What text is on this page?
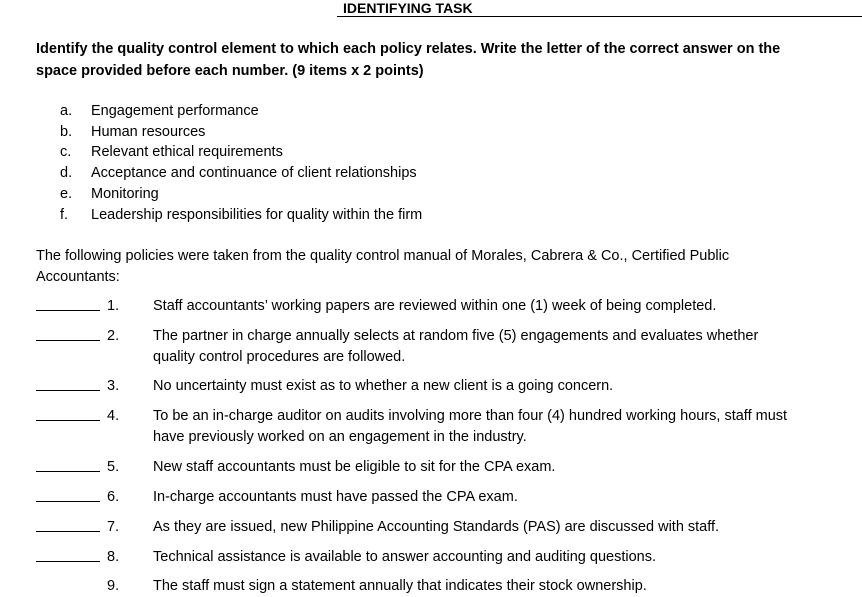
IDENTIFYING TASK
Identify the quality control element to which each policy relates. Write the letter of the correct answer on the space provided before each number. (9 items x 2 points)
a.	Engagement performance
b.	Human resources
c.	Relevant ethical requirements
d.	Acceptance and continuance of client relationships
e.	Monitoring
f.	Leadership responsibilities for quality within the firm
The following policies were taken from the quality control manual of Morales, Cabrera & Co., Certified Public Accountants:
1.	Staff accountants’ working papers are reviewed within one (1) week of being completed.
2.	The partner in charge annually selects at random five (5) engagements and evaluates whether quality control procedures are followed.
3.	No uncertainty must exist as to whether a new client is a going concern.
4.	To be an in-charge auditor on audits involving more than four (4) hundred working hours, staff must have previously worked on an engagement in the industry.
5.	New staff accountants must be eligible to sit for the CPA exam.
6.	In-charge accountants must have passed the CPA exam.
7.	As they are issued, new Philippine Accounting Standards (PAS) are discussed with staff.
8.	Technical assistance is available to answer accounting and auditing questions.
9.	The staff must sign a statement annually that indicates their stock ownership.
